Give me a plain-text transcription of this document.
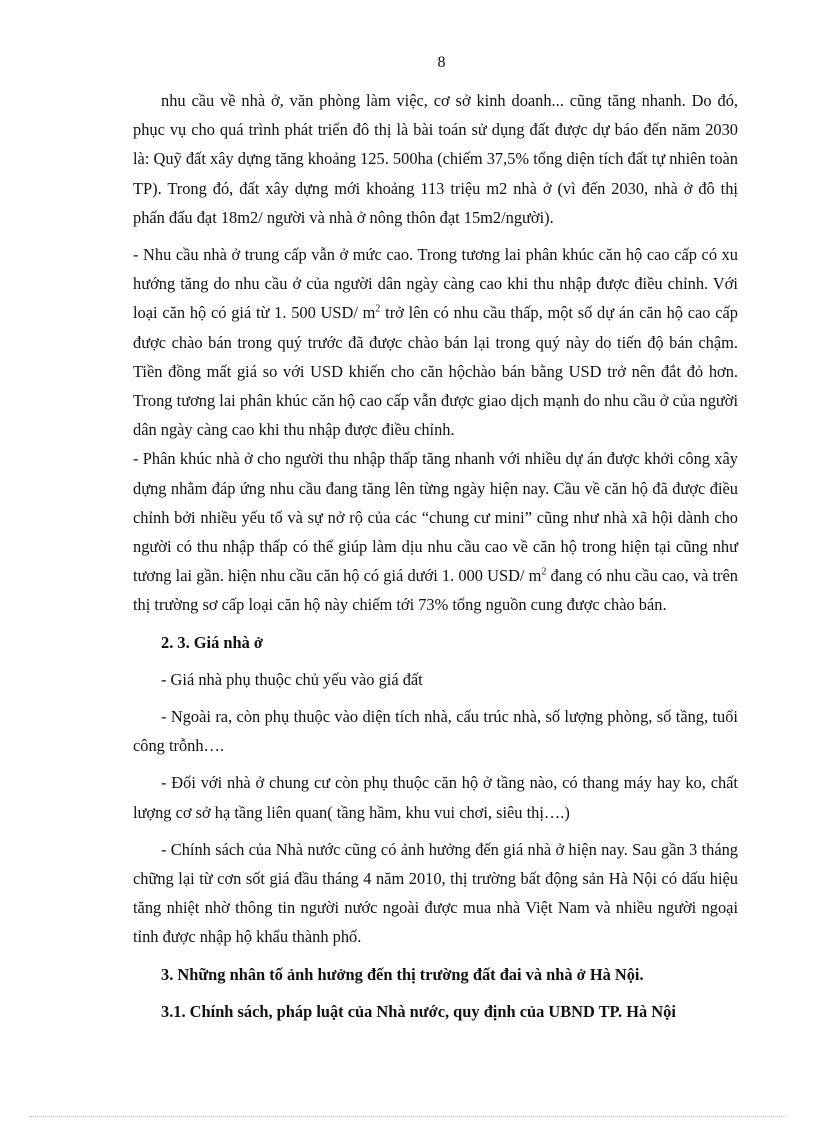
8

nhu cầu về nhà ở, văn phòng làm việc, cơ sở kinh doanh... cũng tăng nhanh. Do đó, phục vụ cho quá trình phát triển đô thị là bài toán sử dụng đất được dự báo đến năm 2030 là: Quỹ đất xây dựng tăng khoảng 125. 500ha (chiếm 37,5% tổng diện tích đất tự nhiên toàn TP). Trong đó, đất xây dựng mới khoảng 113 triệu m2 nhà ở (vì đến 2030, nhà ở đô thị phấn đấu đạt 18m2/ người và nhà ở nông thôn đạt 15m2/người).

- Nhu cầu nhà ở trung cấp vẫn ở mức cao. Trong tương lai phân khúc căn hộ cao cấp có xu hướng tăng do nhu cầu ở của người dân ngày càng cao khi thu nhập được điều chỉnh. Với loại căn hộ có giá từ 1. 500 USD/ $m^2$ trở lên có nhu cầu thấp, một số dự án căn hộ cao cấp được chào bán trong quý trước đã được chào bán lại trong quý này do tiến độ bán chậm. Tiền đồng mất giá so với USD khiến cho căn hộchào bán bằng USD trở nên đắt đỏ hơn. Trong tương lai phân khúc căn hộ cao cấp vẫn được giao dịch mạnh do nhu cầu ở của người dân ngày càng cao khi thu nhập được điều chỉnh.

- Phân khúc nhà ở cho người thu nhập thấp tăng nhanh với nhiều dự án được khởi công xây dựng nhằm đáp ứng nhu cầu đang tăng lên từng ngày hiện nay. Cầu về căn hộ đã được điều chỉnh bởi nhiều yếu tố và sự nở rộ của các “chung cư mini” cũng như nhà xã hội dành cho người có thu nhập thấp có thể giúp làm dịu nhu cầu cao về căn hộ trong hiện tại cũng như tương lai gần. hiện nhu cầu căn hộ có giá dưới 1. 000 USD/ $m^2$ đang có nhu cầu cao, và trên thị trường sơ cấp loại căn hộ này chiếm tới 73% tổng nguồn cung được chào bán.

2. 3. Giá nhà ở

- Giá nhà phụ thuộc chủ yếu vào giá đất

- Ngoài ra, còn phụ thuộc vào diện tích nhà, cấu trúc nhà, số lượng phòng, số tầng, tuổi công trỗnh….

- Đối với nhà ở chung cư còn phụ thuộc căn hộ ở tầng nào, có thang máy hay ko, chất lượng cơ sở hạ tầng liên quan( tầng hầm, khu vui chơi, siêu thị….)

- Chính sách của Nhà nước cũng có ảnh hưởng đến giá nhà ở hiện nay. Sau gần 3 tháng chững lại từ cơn sốt giá đầu tháng 4 năm 2010, thị trường bất động sản Hà Nội có dấu hiệu tăng nhiệt nhờ thông tin người nước ngoài được mua nhà Việt Nam và nhiều người ngoại tỉnh được nhập hộ khẩu thành phố.

3. Những nhân tố ảnh hưởng đến thị trường đất đai và nhà ở Hà Nội.

3.1. Chính sách, pháp luật của Nhà nước, quy định của UBND TP. Hà Nội
